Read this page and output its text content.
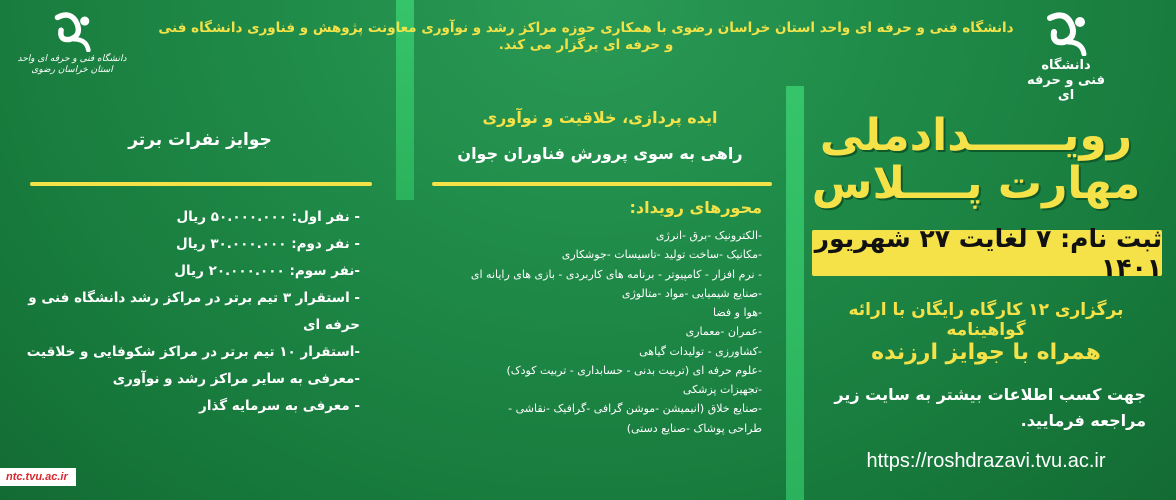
دانشگاه فنی و حرفه ای
دانشگاه فنی و حرفه ای واحد استان خراسان رضوی
دانشگاه فنی و حرفه ای واحد استان خراسان رضوی با همکاری حوزه مراکز رشد و نوآوری معاونت پژوهش و فناوری دانشگاه فنی و حرفه ای برگزار می کند.
رویــــــدادملی
مهارت پــــلاس
ثبت نام: ۷ لغایت ۲۷ شهریور ۱۴۰۱
برگزاری ۱۲ کارگاه رایگان با ارائه گواهینامه
همراه با جوایز ارزنده
جهت کسب اطلاعات بیشتر به سایت زیر
مراجعه فرمایید.
https://roshdrazavi.tvu.ac.ir
ایده پردازی، خلاقیت و نوآوری
راهی به سوی پرورش فناوران جوان
محورهای رویداد:
-الکترونیک -برق -انرژی
-مکانیک -ساخت تولید -تاسیسات -جوشکاری
- نرم افزار - کامپیوتر - برنامه های کاربردی - بازی های رایانه ای
-صنایع شیمیایی -مواد -متالوژی
-هوا و فضا
-عمران -معماری
-کشاورزی - تولیدات گیاهی
-علوم حرفه ای (تربیت بدنی - حسابداری - تربیت کودک)
-تجهیزات پزشکی
-صنایع خلاق (انیمیشن -موشن گرافی -گرافیک -نقاشی -
طراحی پوشاک -صنایع دستی)
جوایز نفرات برتر
- نفر اول: ۵۰.۰۰۰.۰۰۰ ریال
- نفر دوم: ۳۰.۰۰۰.۰۰۰ ریال
-نفر سوم: ۲۰.۰۰۰.۰۰۰ ریال
- استقرار ۳ تیم برتر در مراکز رشد دانشگاه فنی و حرفه ای
-استقرار ۱۰ تیم برتر در مراکز شکوفایی و خلاقیت
-معرفی به سایر مراکز رشد و نوآوری
- معرفی به سرمایه گذار
ntc.tvu.ac.ir
